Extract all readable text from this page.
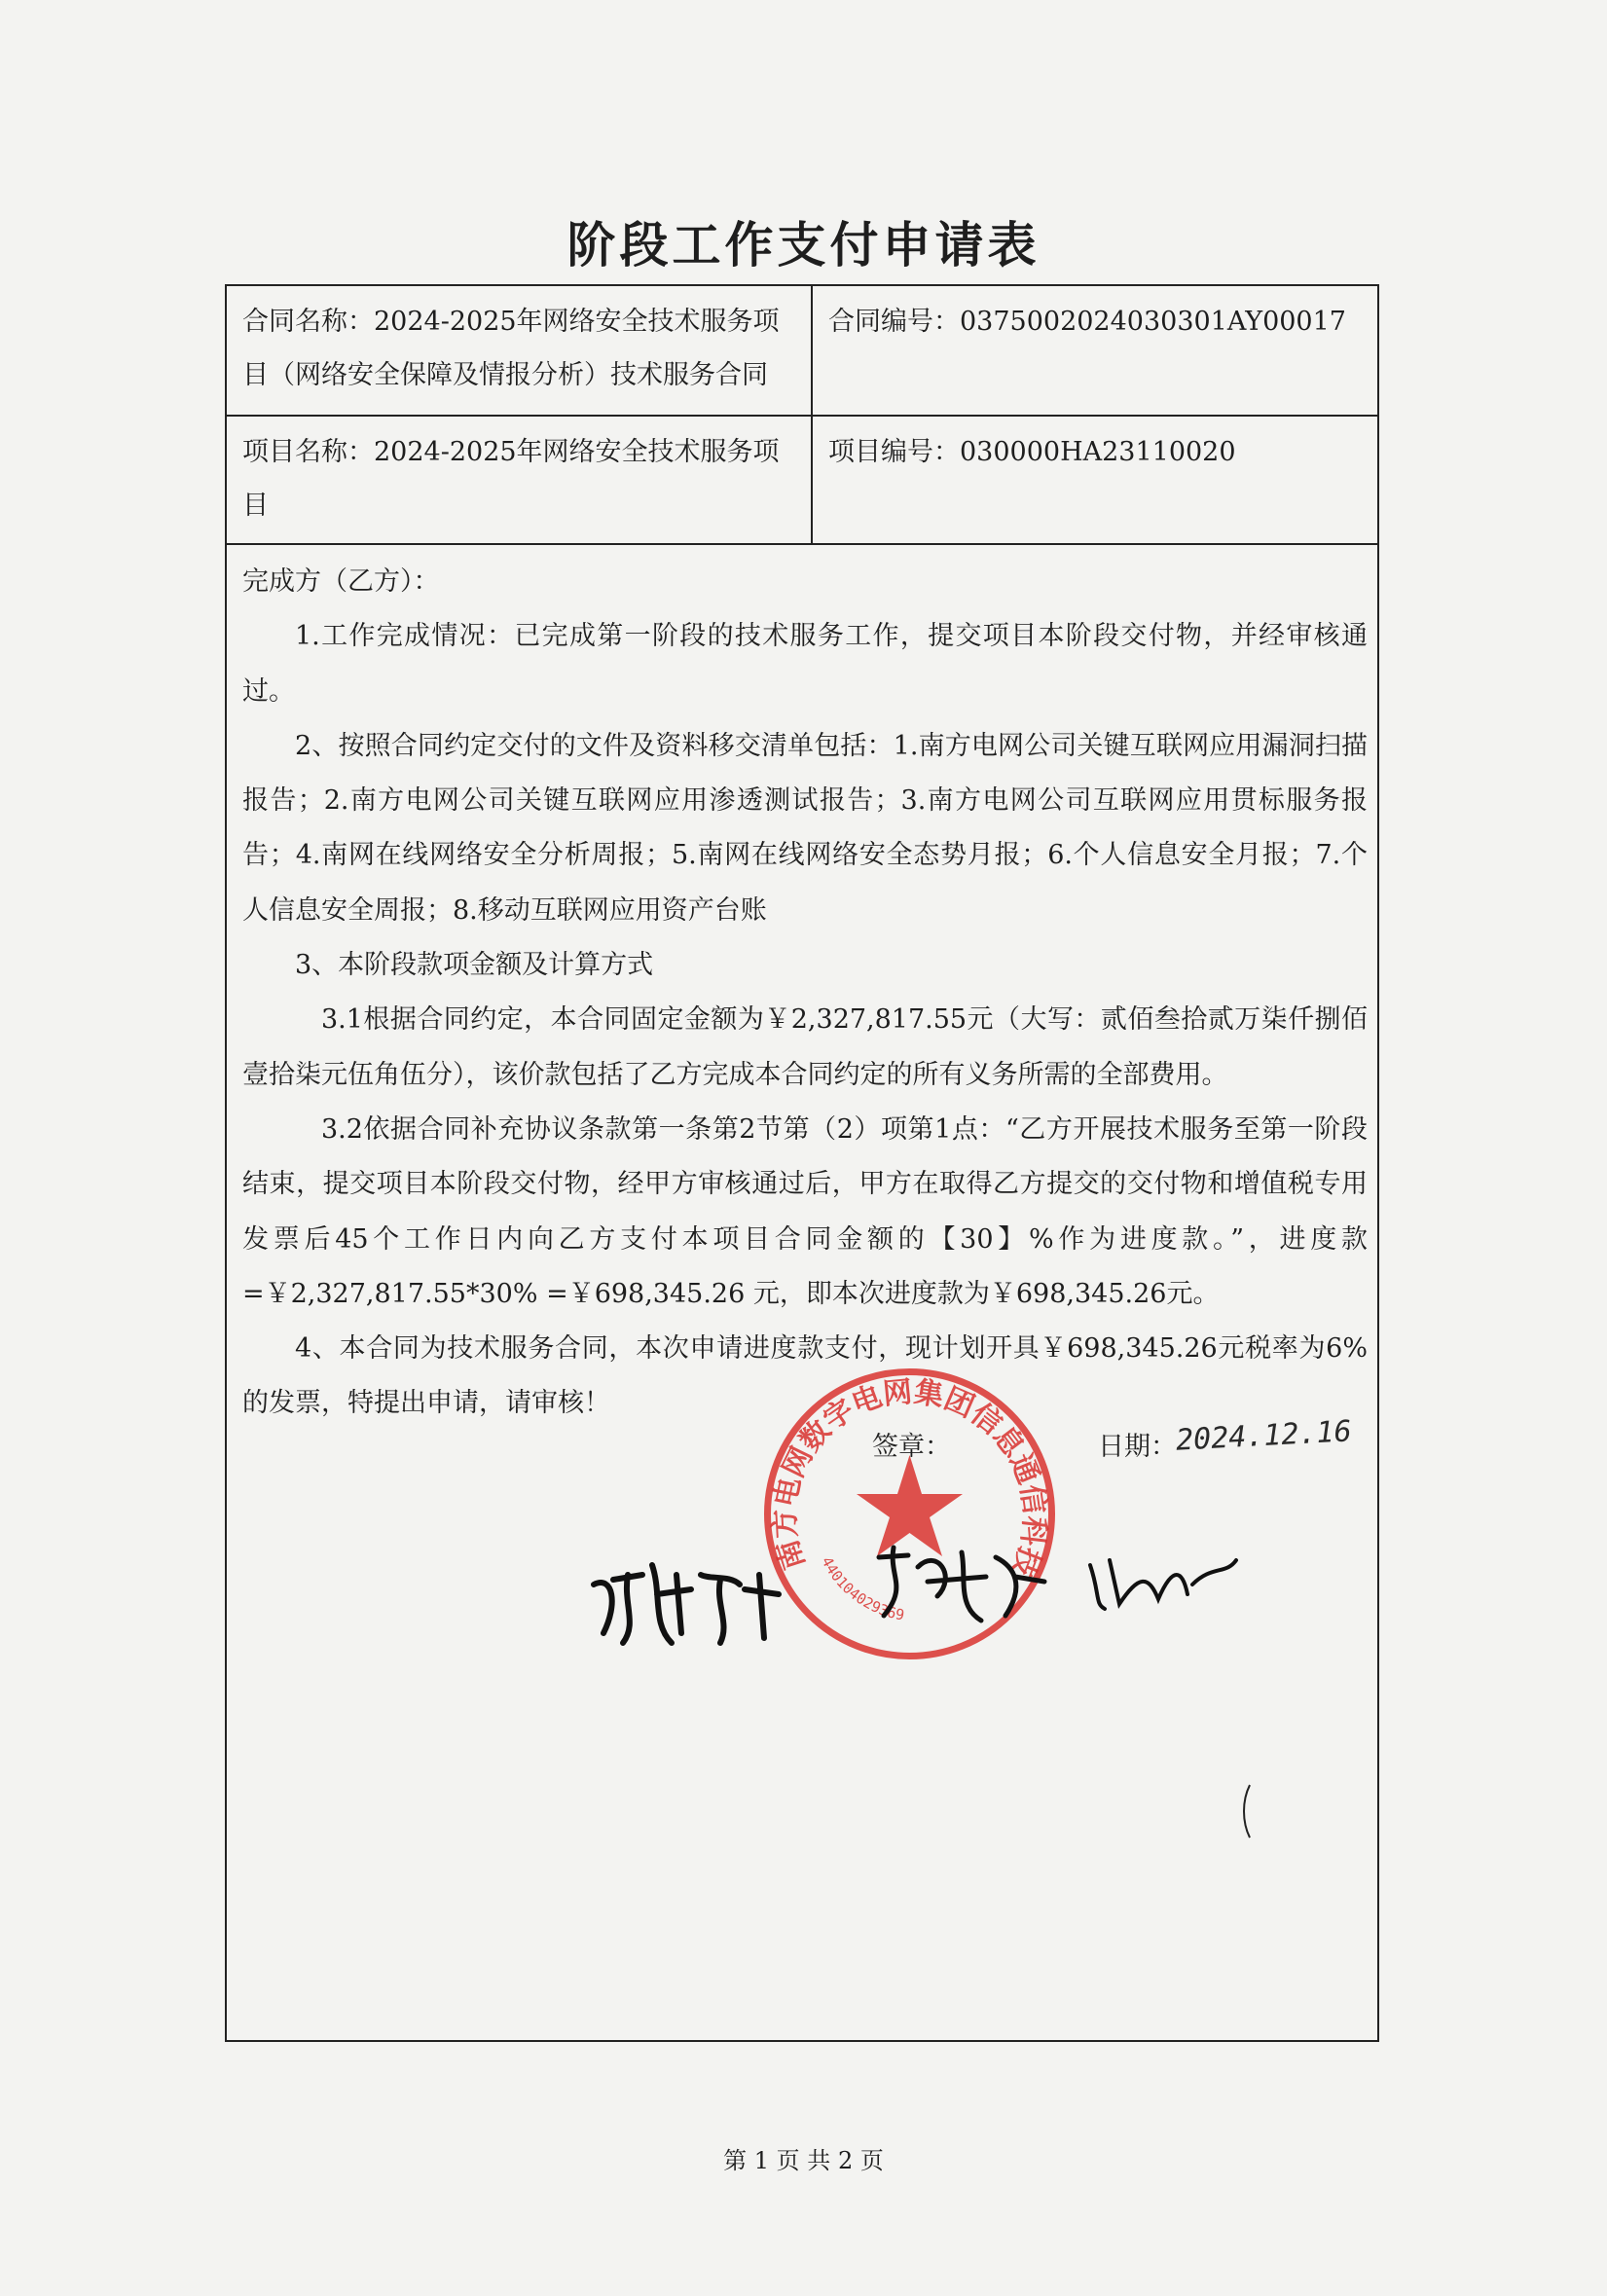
阶段工作支付申请表
合同名称：2024-2025年网络安全技术服务项目（网络安全保障及情报分析）技术服务合同
合同编号：0375002024030301AY00017
项目名称：2024-2025年网络安全技术服务项目
项目编号：030000HA23110020

完成方（乙方）：

1.工作完成情况：已完成第一阶段的技术服务工作，提交项目本阶段交付物，并经审核通过。

2、按照合同约定交付的文件及资料移交清单包括：1.南方电网公司关键互联网应用漏洞扫描报告；2.南方电网公司关键互联网应用渗透测试报告；3.南方电网公司互联网应用贯标服务报告；4.南网在线网络安全分析周报；5.南网在线网络安全态势月报；6.个人信息安全月报；7.个人信息安全周报；8.移动互联网应用资产台账

3、本阶段款项金额及计算方式

3.1根据合同约定，本合同固定金额为￥2,327,817.55元（大写：贰佰叁拾贰万柒仟捌佰壹拾柒元伍角伍分），该价款包括了乙方完成本合同约定的所有义务所需的全部费用。

3.2依据合同补充协议条款第一条第2节第（2）项第1点：“乙方开展技术服务至第一阶段结束，提交项目本阶段交付物，经甲方审核通过后，甲方在取得乙方提交的交付物和增值税专用发票后45个工作日内向乙方支付本项目合同金额的【30】%作为进度款。”，进度款=￥2,327,817.55*30% =￥698,345.26 元，即本次进度款为￥698,345.26元。

4、本合同为技术服务合同，本次申请进度款支付，现计划开具￥698,345.26元税率为6%的发票，特提出申请，请审核！

签章：	日期：
2024.12.16
南方电网数字电网集团信息通信科技
440104029369
第 1 页 共 2 页
